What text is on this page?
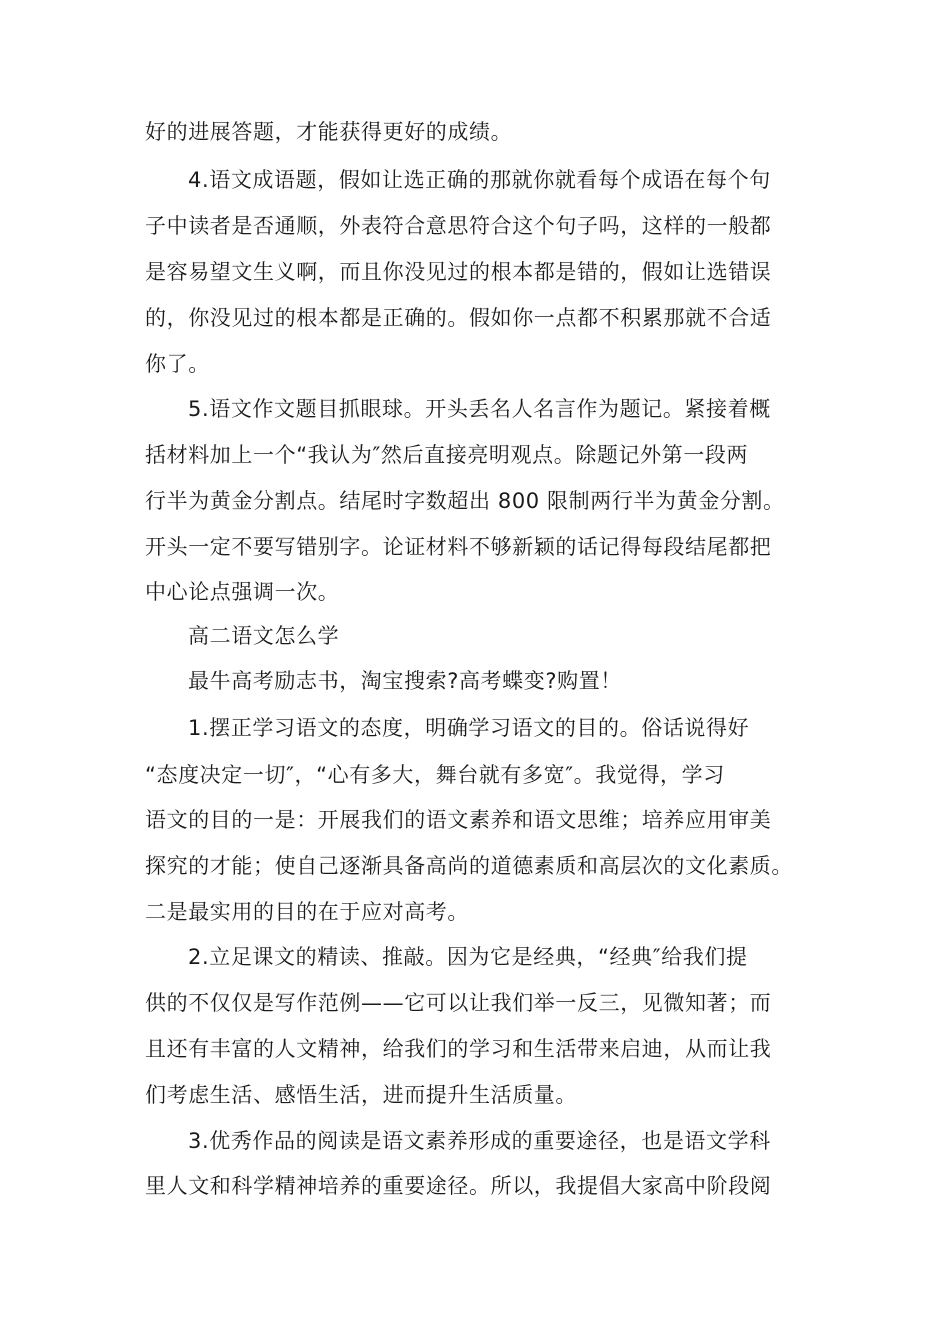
好的进展答题，才能获得更好的成绩。
4.语文成语题，假如让选正确的那就你就看每个成语在每个句
子中读者是否通顺，外表符合意思符合这个句子吗，这样的一般都
是容易望文生义啊，而且你没见过的根本都是错的，假如让选错误
的，你没见过的根本都是正确的。假如你一点都不积累那就不合适
你了。
5.语文作文题目抓眼球。开头丢名人名言作为题记。紧接着概
括材料加上一个“我认为″然后直接亮明观点。除题记外第一段两
行半为黄金分割点。结尾时字数超出 800 限制两行半为黄金分割。
开头一定不要写错别字。论证材料不够新颖的话记得每段结尾都把
中心论点强调一次。
高二语文怎么学
最牛高考励志书，淘宝搜索?高考蝶变?购置！
1.摆正学习语文的态度，明确学习语文的目的。俗话说得好
“态度决定一切″，“心有多大，舞台就有多宽″。我觉得，学习
语文的目的一是：开展我们的语文素养和语文思维；培养应用审美
探究的才能；使自己逐渐具备高尚的道德素质和高层次的文化素质。
二是最实用的目的在于应对高考。
2.立足课文的精读、推敲。因为它是经典，“经典″给我们提
供的不仅仅是写作范例——它可以让我们举一反三，见微知著；而
且还有丰富的人文精神，给我们的学习和生活带来启迪，从而让我
们考虑生活、感悟生活，进而提升生活质量。
3.优秀作品的阅读是语文素养形成的重要途径，也是语文学科
里人文和科学精神培养的重要途径。所以，我提倡大家高中阶段阅
